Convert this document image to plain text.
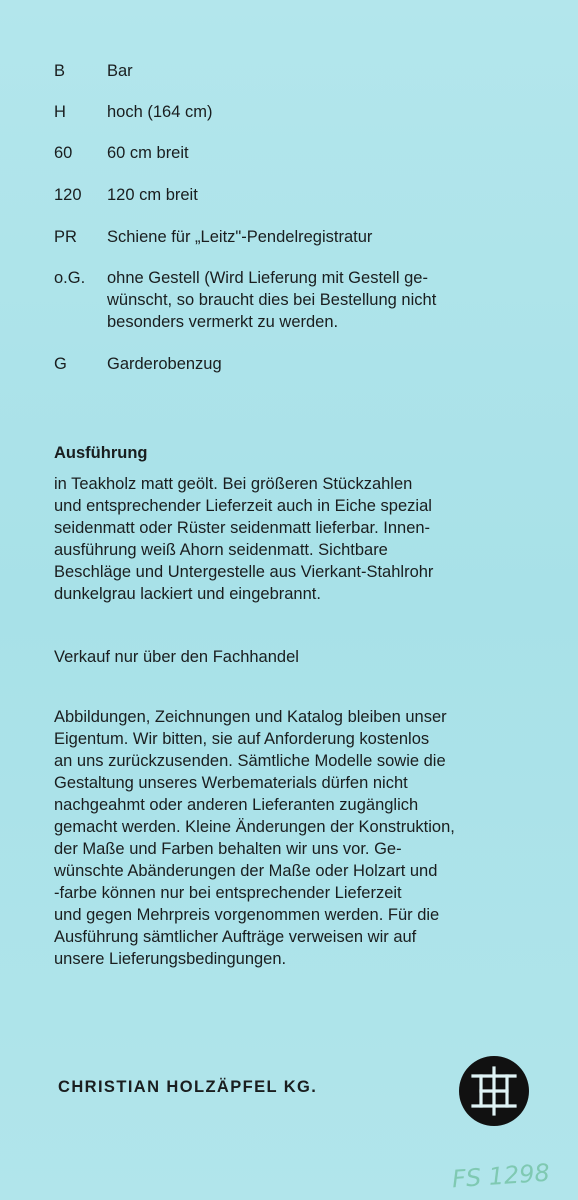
B	Bar
H	hoch (164 cm)
60	60 cm breit
120	120 cm breit
PR	Schiene für „Leitz"-Pendelregistratur
o.G.	ohne Gestell (Wird Lieferung mit Gestell ge-
wünscht, so braucht dies bei Bestellung nicht
besonders vermerkt zu werden.
G	Garderobenzug
Ausführung
in Teakholz matt geölt. Bei größeren Stückzahlen
und entsprechender Lieferzeit auch in Eiche spezial
seidenmatt oder Rüster seidenmatt lieferbar. Innen-
ausführung weiß Ahorn seidenmatt. Sichtbare
Beschläge und Untergestelle aus Vierkant-Stahlrohr
dunkelgrau lackiert und eingebrannt.
Verkauf nur über den Fachhandel
Abbildungen, Zeichnungen und Katalog bleiben unser
Eigentum. Wir bitten, sie auf Anforderung kostenlos
an uns zurückzusenden. Sämtliche Modelle sowie die
Gestaltung unseres Werbematerials dürfen nicht
nachgeahmt oder anderen Lieferanten zugänglich
gemacht werden. Kleine Änderungen der Konstruktion,
der Maße und Farben behalten wir uns vor. Ge-
wünschte Abänderungen der Maße oder Holzart und
-farbe können nur bei entsprechender Lieferzeit
und gegen Mehrpreis vorgenommen werden. Für die
Ausführung sämtlicher Aufträge verweisen wir auf
unsere Lieferungsbedingungen.
CHRISTIAN HOLZÄPFEL KG.
FS 1298
